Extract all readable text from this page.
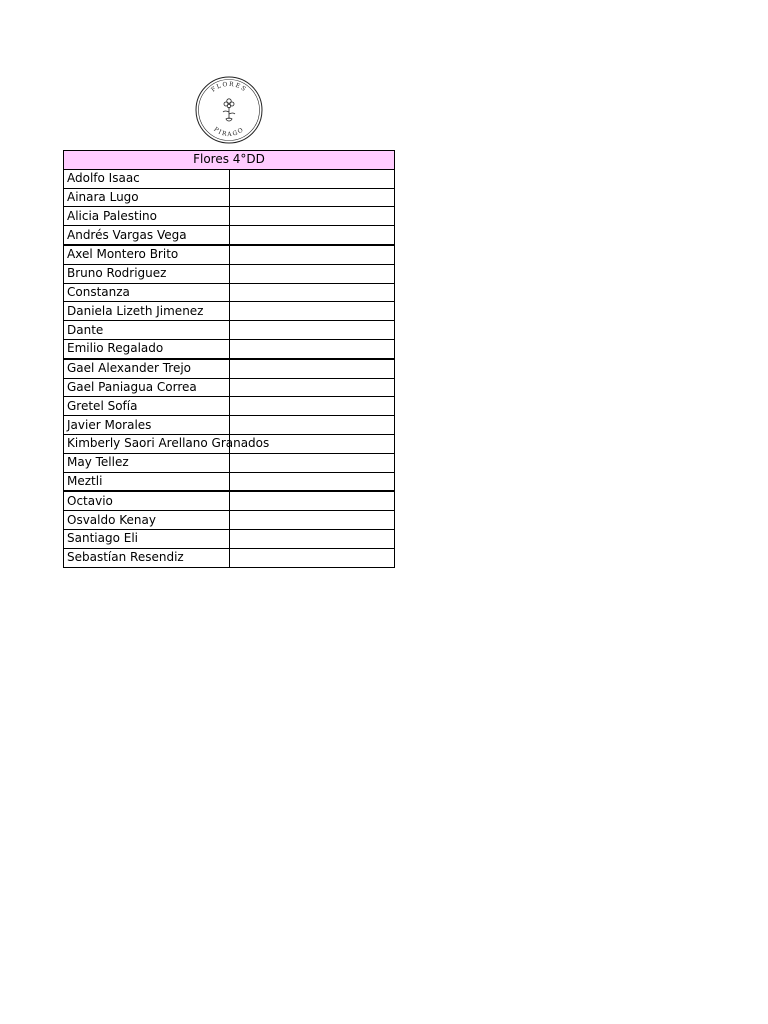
FLORES
PIRAGO
Flores 4°DD	
Adolfo Isaac	
Ainara Lugo	
Alicia Palestino	
Andrés Vargas Vega	
Axel Montero Brito	
Bruno Rodriguez	
Constanza	
Daniela Lizeth Jimenez	
Dante	
Emilio Regalado	
Gael Alexander Trejo	
Gael Paniagua Correa	
Gretel Sofía	
Javier Morales	
Kimberly Saori Arellano Granados	
May Tellez	
Meztli	
Octavio	
Osvaldo Kenay	
Santiago Eli	
Sebastían Resendiz	
